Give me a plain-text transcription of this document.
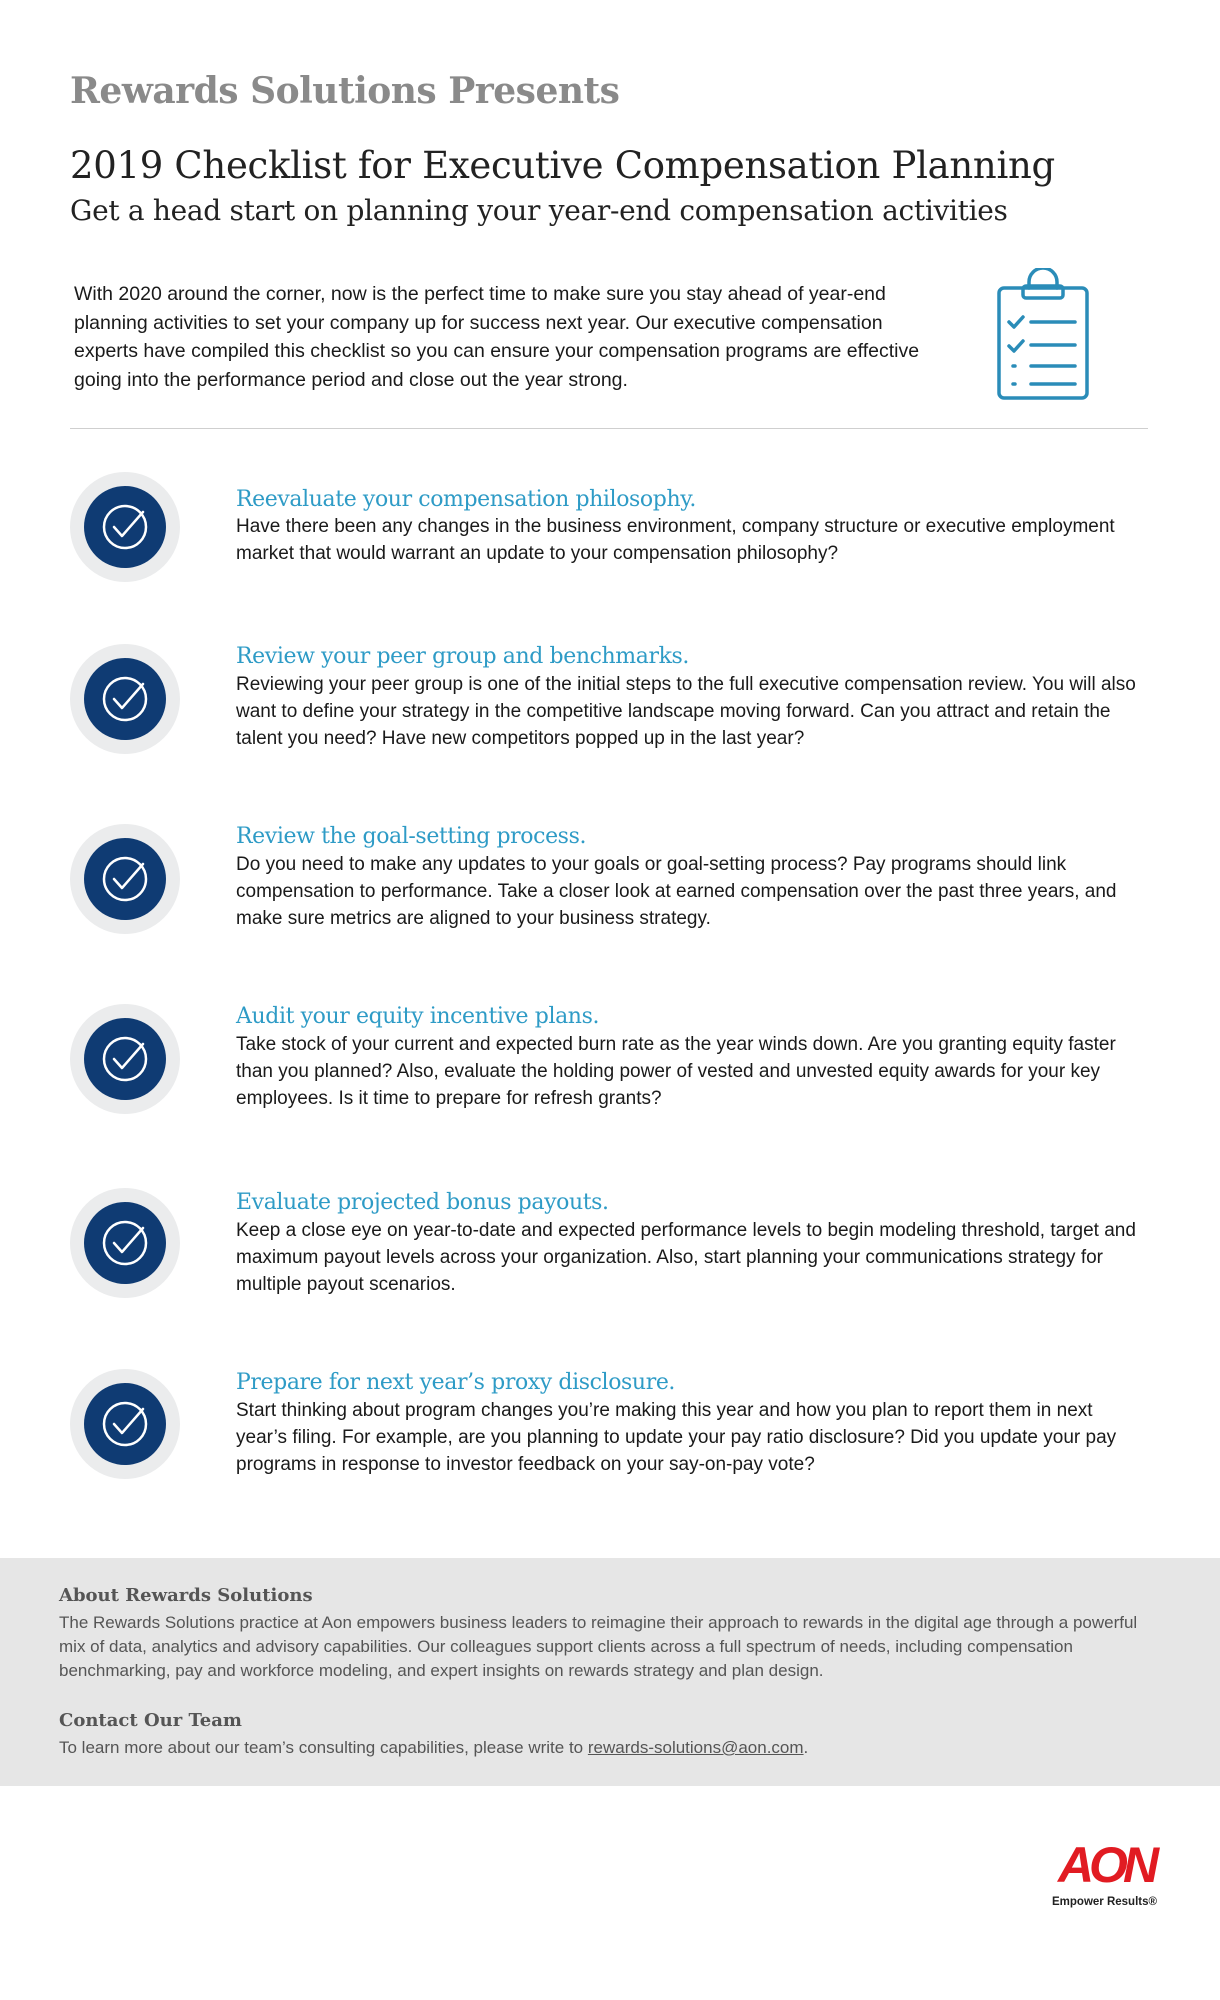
Rewards Solutions Presents
2019 Checklist for Executive Compensation Planning
Get a head start on planning your year-end compensation activities

With 2020 around the corner, now is the perfect time to make sure you stay ahead of year-end planning activities to set your company up for success next year. Our executive compensation experts have compiled this checklist so you can ensure your compensation programs are effective going into the performance period and close out the year strong.

Reevaluate your compensation philosophy.
Have there been any changes in the business environment, company structure or executive employment market that would warrant an update to your compensation philosophy?
Review your peer group and benchmarks.
Reviewing your peer group is one of the initial steps to the full executive compensation review. You will also want to define your strategy in the competitive landscape moving forward. Can you attract and retain the talent you need? Have new competitors popped up in the last year?
Review the goal-setting process.
Do you need to make any updates to your goals or goal-setting process? Pay programs should link compensation to performance. Take a closer look at earned compensation over the past three years, and make sure metrics are aligned to your business strategy.
Audit your equity incentive plans.
Take stock of your current and expected burn rate as the year winds down. Are you granting equity faster than you planned? Also, evaluate the holding power of vested and unvested equity awards for your key employees. Is it time to prepare for refresh grants?
Evaluate projected bonus payouts.
Keep a close eye on year-to-date and expected performance levels to begin modeling threshold, target and maximum payout levels across your organization. Also, start planning your communications strategy for multiple payout scenarios.
Prepare for next year’s proxy disclosure.
Start thinking about program changes you’re making this year and how you plan to report them in next year’s filing. For example, are you planning to update your pay ratio disclosure? Did you update your pay programs in response to investor feedback on your say-on-pay vote?
About Rewards Solutions

The Rewards Solutions practice at Aon empowers business leaders to reimagine their approach to rewards in the digital age through a powerful mix of data, analytics and advisory capabilities. Our colleagues support clients across a full spectrum of needs, including compensation benchmarking, pay and workforce modeling, and expert insights on rewards strategy and plan design.

Contact Our Team

To learn more about our team’s consulting capabilities, please write to rewards-solutions@aon.com.

AON
Empower Results®
